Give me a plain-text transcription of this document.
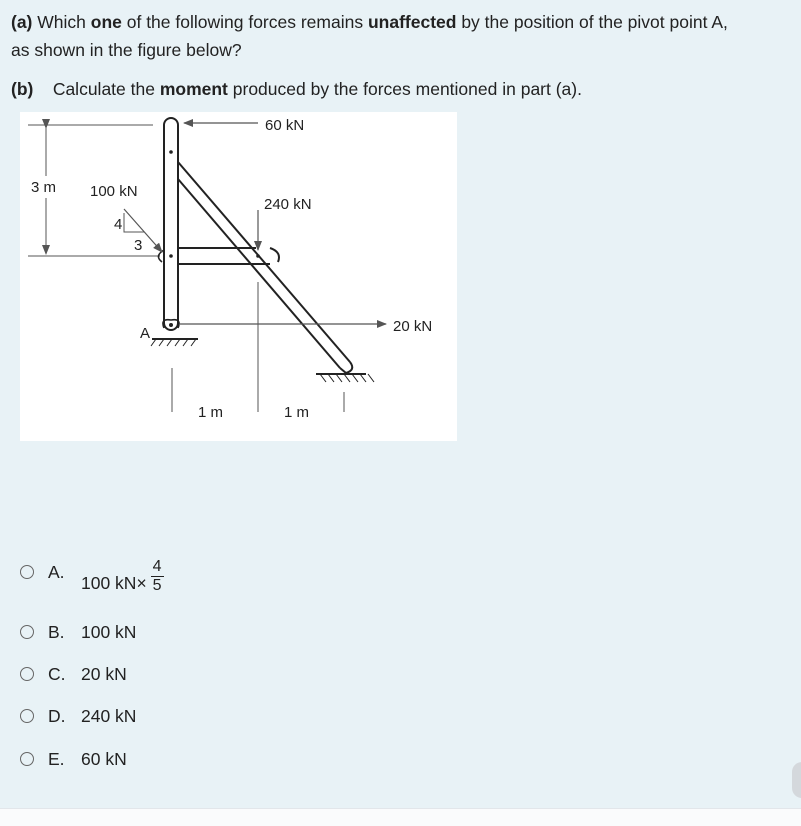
(a) Which one of the following forces remains unaffected by the position of the pivot point A,
as shown in the figure below?
(b) Calculate the moment produced by the forces mentioned in part (a).
3 m
60 kN
240 kN
100 kN
4
3
20 kN
A
1 m	1 m
A.
100 $kN\times \frac{4}{5}$
B. 100 kN
C. 20 kN
D. 240 kN
E. 60 kN
